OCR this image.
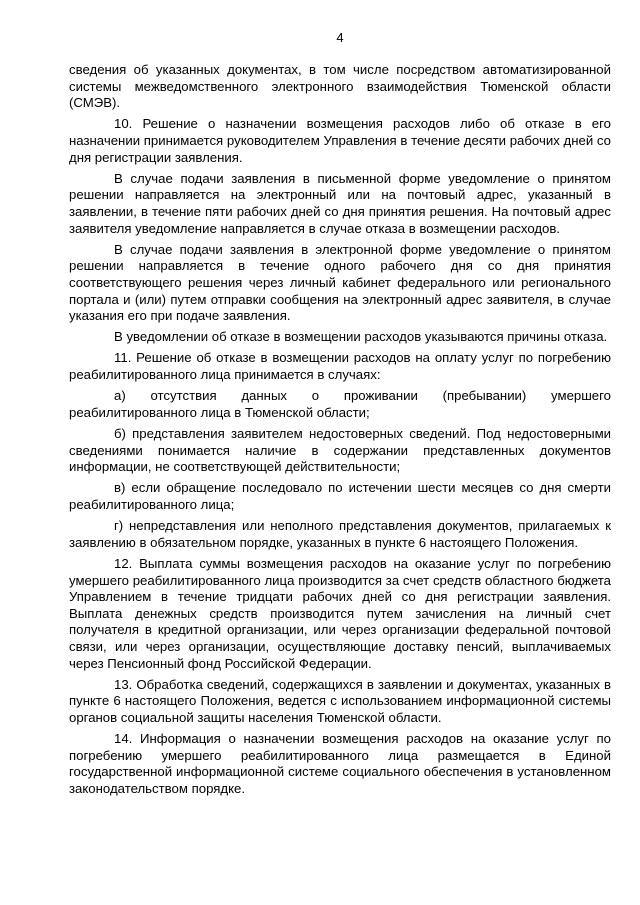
4

сведения об указанных документах, в том числе посредством автоматизированной системы межведомственного электронного взаимодействия Тюменской области (СМЭВ).

10. Решение о назначении возмещения расходов либо об отказе в его назначении принимается руководителем Управления в течение десяти рабочих дней со дня регистрации заявления.

В случае подачи заявления в письменной форме уведомление о принятом решении направляется на электронный или на почтовый адрес, указанный в заявлении, в течение пяти рабочих дней со дня принятия решения. На почтовый адрес заявителя уведомление направляется в случае отказа в возмещении расходов.

В случае подачи заявления в электронной форме уведомление о принятом решении направляется в течение одного рабочего дня со дня принятия соответствующего решения через личный кабинет федерального или регионального портала и (или) путем отправки сообщения на электронный адрес заявителя, в случае указания его при подаче заявления.

В уведомлении об отказе в возмещении расходов указываются причины отказа.

11. Решение об отказе в возмещении расходов на оплату услуг по погребению реабилитированного лица принимается в случаях:

а) отсутствия данных о проживании (пребывании) умершего реабилитированного лица в Тюменской области;

б) представления заявителем недостоверных сведений. Под недостоверными сведениями понимается наличие в содержании представленных документов информации, не соответствующей действительности;

в) если обращение последовало по истечении шести месяцев со дня смерти реабилитированного лица;

г) непредставления или неполного представления документов, прилагаемых к заявлению в обязательном порядке, указанных в пункте 6 настоящего Положения.

12. Выплата суммы возмещения расходов на оказание услуг по погребению умершего реабилитированного лица производится за счет средств областного бюджета Управлением в течение тридцати рабочих дней со дня регистрации заявления. Выплата денежных средств производится путем зачисления на личный счет получателя в кредитной организации, или через организации федеральной почтовой связи, или через организации, осуществляющие доставку пенсий, выплачиваемых через Пенсионный фонд Российской Федерации.

13. Обработка сведений, содержащихся в заявлении и документах, указанных в пункте 6 настоящего Положения, ведется с использованием информационной системы органов социальной защиты населения Тюменской области.

14. Информация о назначении возмещения расходов на оказание услуг по погребению умершего реабилитированного лица размещается в Единой государственной информационной системе социального обеспечения в установленном законодательством порядке.
